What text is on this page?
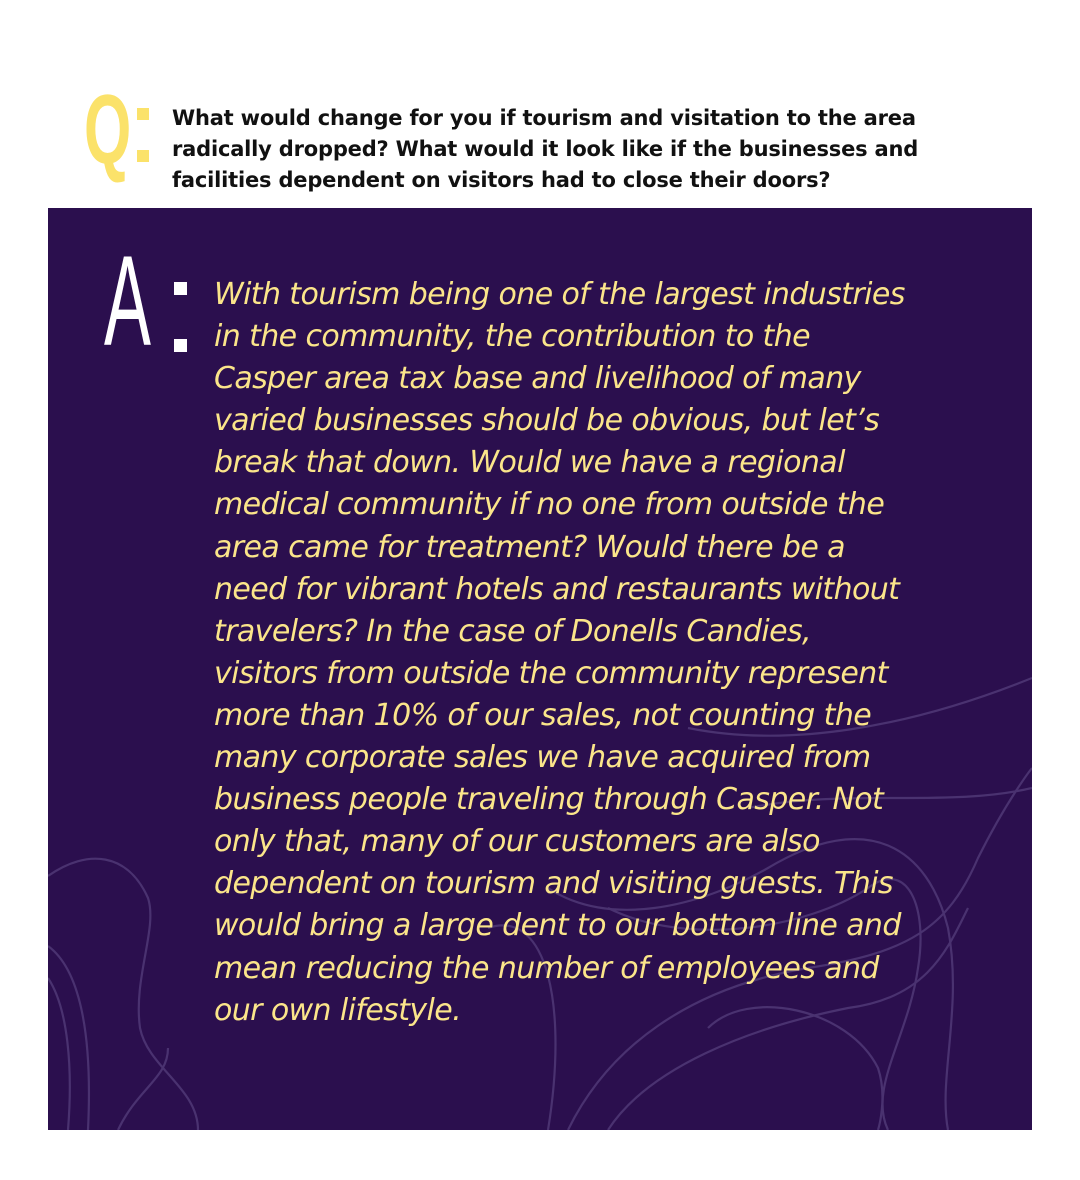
Q What would change for you if tourism and visitation to the area
radically dropped? What would it look like if the businesses and
facilities dependent on visitors had to close their doors?
A With tourism being one of the largest industries
in the community, the contribution to the
Casper area tax base and livelihood of many
varied businesses should be obvious, but let’s
break that down. Would we have a regional
medical community if no one from outside the
area came for treatment? Would there be a
need for vibrant hotels and restaurants without
travelers? In the case of Donells Candies,
visitors from outside the community represent
more than 10% of our sales, not counting the
many corporate sales we have acquired from
business people traveling through Casper. Not
only that, many of our customers are also
dependent on tourism and visiting guests. This
would bring a large dent to our bottom line and
mean reducing the number of employees and
our own lifestyle.
